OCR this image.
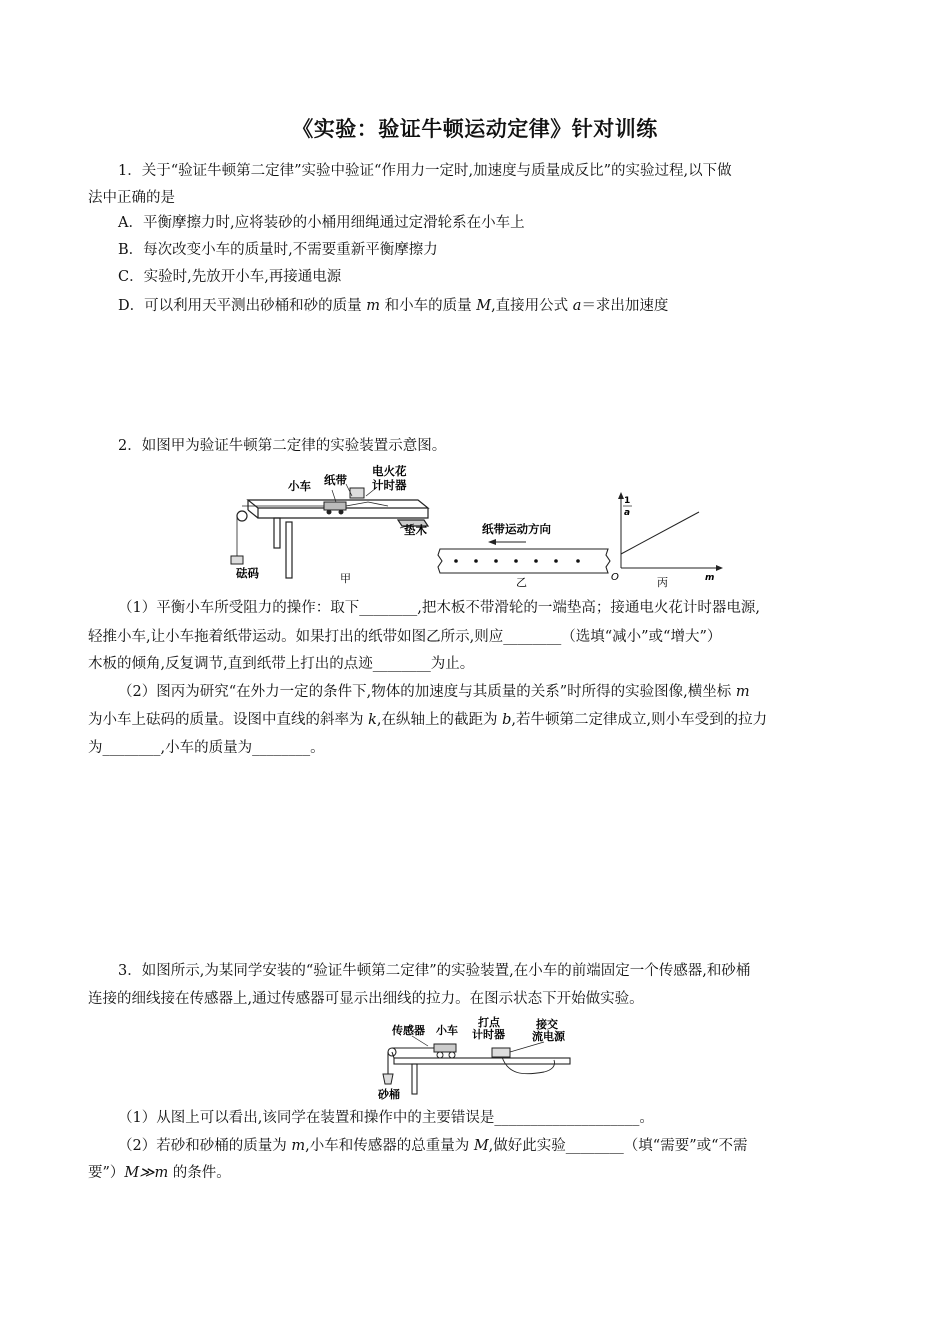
《实验：验证牛顿运动定律》针对训练
1．关于“验证牛顿第二定律”实验中验证“作用力一定时,加速度与质量成反比”的实验过程,以下做
法中正确的是
A．平衡摩擦力时,应将装砂的小桶用细绳通过定滑轮系在小车上
B．每次改变小车的质量时,不需要重新平衡摩擦力
C．实验时,先放开小车,再接通电源
D．可以利用天平测出砂桶和砂的质量 m 和小车的质量 M,直接用公式 a＝求出加速度
2．如图甲为验证牛顿第二定律的实验装置示意图。
小车 纸带
电火花
计时器
垫木
砝码	甲
纸带运动方向
乙
1
a
O	丙	m
（1）平衡小车所受阻力的操作：取下________,把木板不带滑轮的一端垫高；接通电火花计时器电源,
轻推小车,让小车拖着纸带运动。如果打出的纸带如图乙所示,则应________（选填“减小”或“增大”）
木板的倾角,反复调节,直到纸带上打出的点迹________为止。
（2）图丙为研究“在外力一定的条件下,物体的加速度与其质量的关系”时所得的实验图像,横坐标 m
为小车上砝码的质量。设图中直线的斜率为 k,在纵轴上的截距为 b,若牛顿第二定律成立,则小车受到的拉力
为________,小车的质量为________。
3．如图所示,为某同学安装的“验证牛顿第二定律”的实验装置,在小车的前端固定一个传感器,和砂桶
连接的细线接在传感器上,通过传感器可显示出细线的拉力。在图示状态下开始做实验。
传感器 小车
打点
计时器
接交
流电源
砂桶
（1）从图上可以看出,该同学在装置和操作中的主要错误是____________________。
（2）若砂和砂桶的质量为 m,小车和传感器的总重量为 M,做好此实验________（填“需要”或“不需
要”）M≫m 的条件。
